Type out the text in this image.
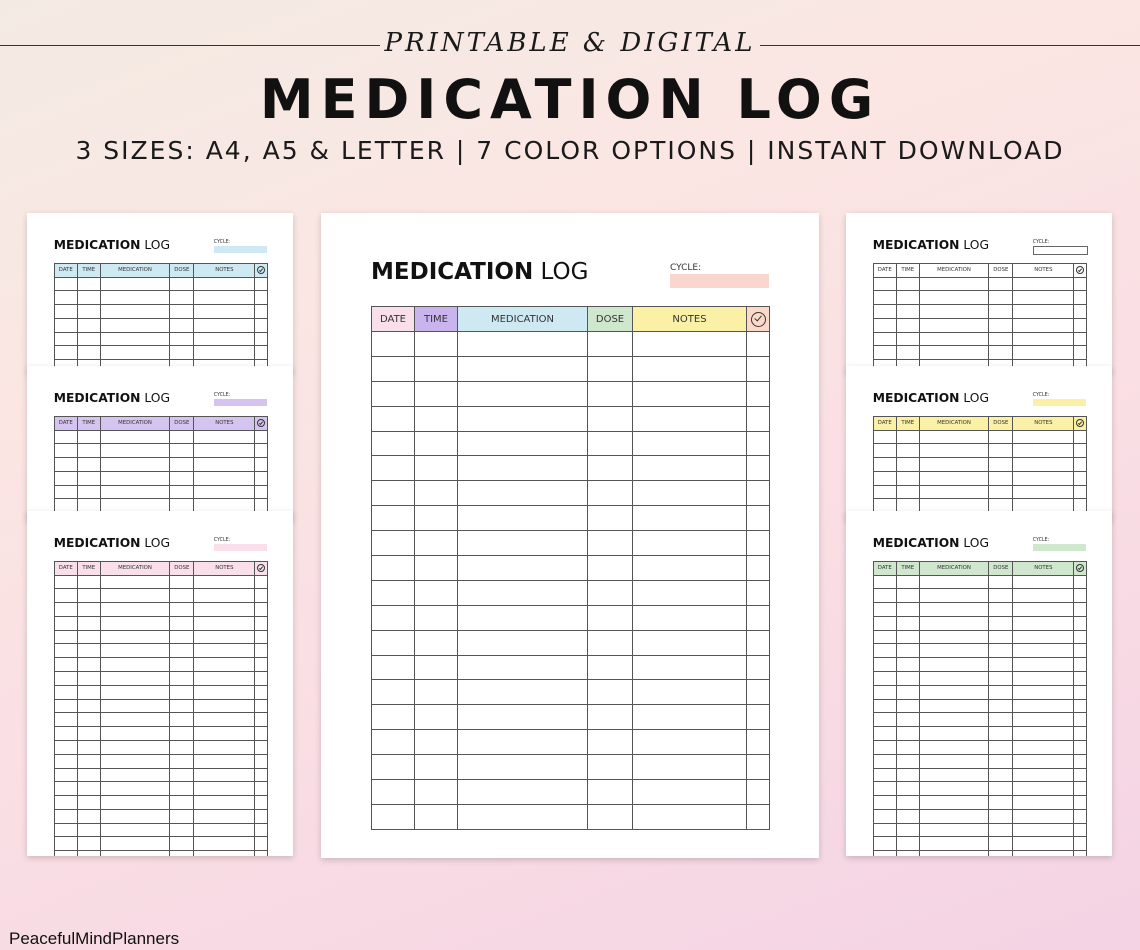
PRINTABLE & DIGITAL
MEDICATION LOG
3 SIZES: A4, A5 & LETTER | 7 COLOR OPTIONS | INSTANT DOWNLOAD
MEDICATION LOG	CYCLE:
DATE	TIME	MEDICATION	DOSE	NOTES	

MEDICATION LOG	CYCLE:
DATE	TIME	MEDICATION	DOSE	NOTES	

MEDICATION LOG	CYCLE:
DATE	TIME	MEDICATION	DOSE	NOTES	

MEDICATION LOG	CYCLE:
DATE	TIME	MEDICATION	DOSE	NOTES	

MEDICATION LOG	CYCLE:
DATE	TIME	MEDICATION	DOSE	NOTES	

MEDICATION LOG	CYCLE:
DATE	TIME	MEDICATION	DOSE	NOTES	

MEDICATION LOG	CYCLE:
DATE	TIME	MEDICATION	DOSE	NOTES	

PeacefulMindPlanners
